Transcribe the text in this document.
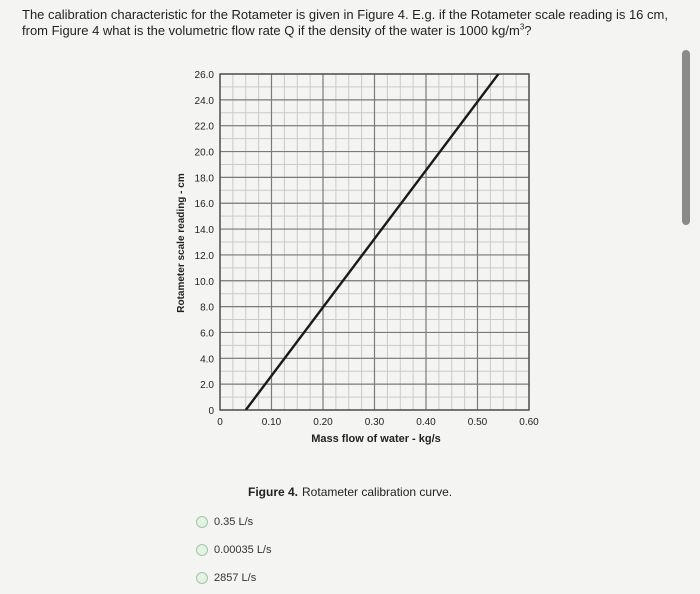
The calibration characteristic for the Rotameter is given in Figure 4. E.g. if the Rotameter scale reading is 16 cm, from Figure 4 what is the volumetric flow rate Q if the density of the water is 1000 $kg/m^3$?
0
2.0
4.0
6.0
8.0
10.0
12.0
14.0
16.0
18.0
20.0
22.0
24.0
26.0
0	0.10	0.20	0.30	0.40	0.50	0.60
Mass flow of water - kg/s
Rotameter scale reading - cm
Figure 4. Rotameter calibration curve.
0.35 L/s
0.00035 L/s
2857 L/s
